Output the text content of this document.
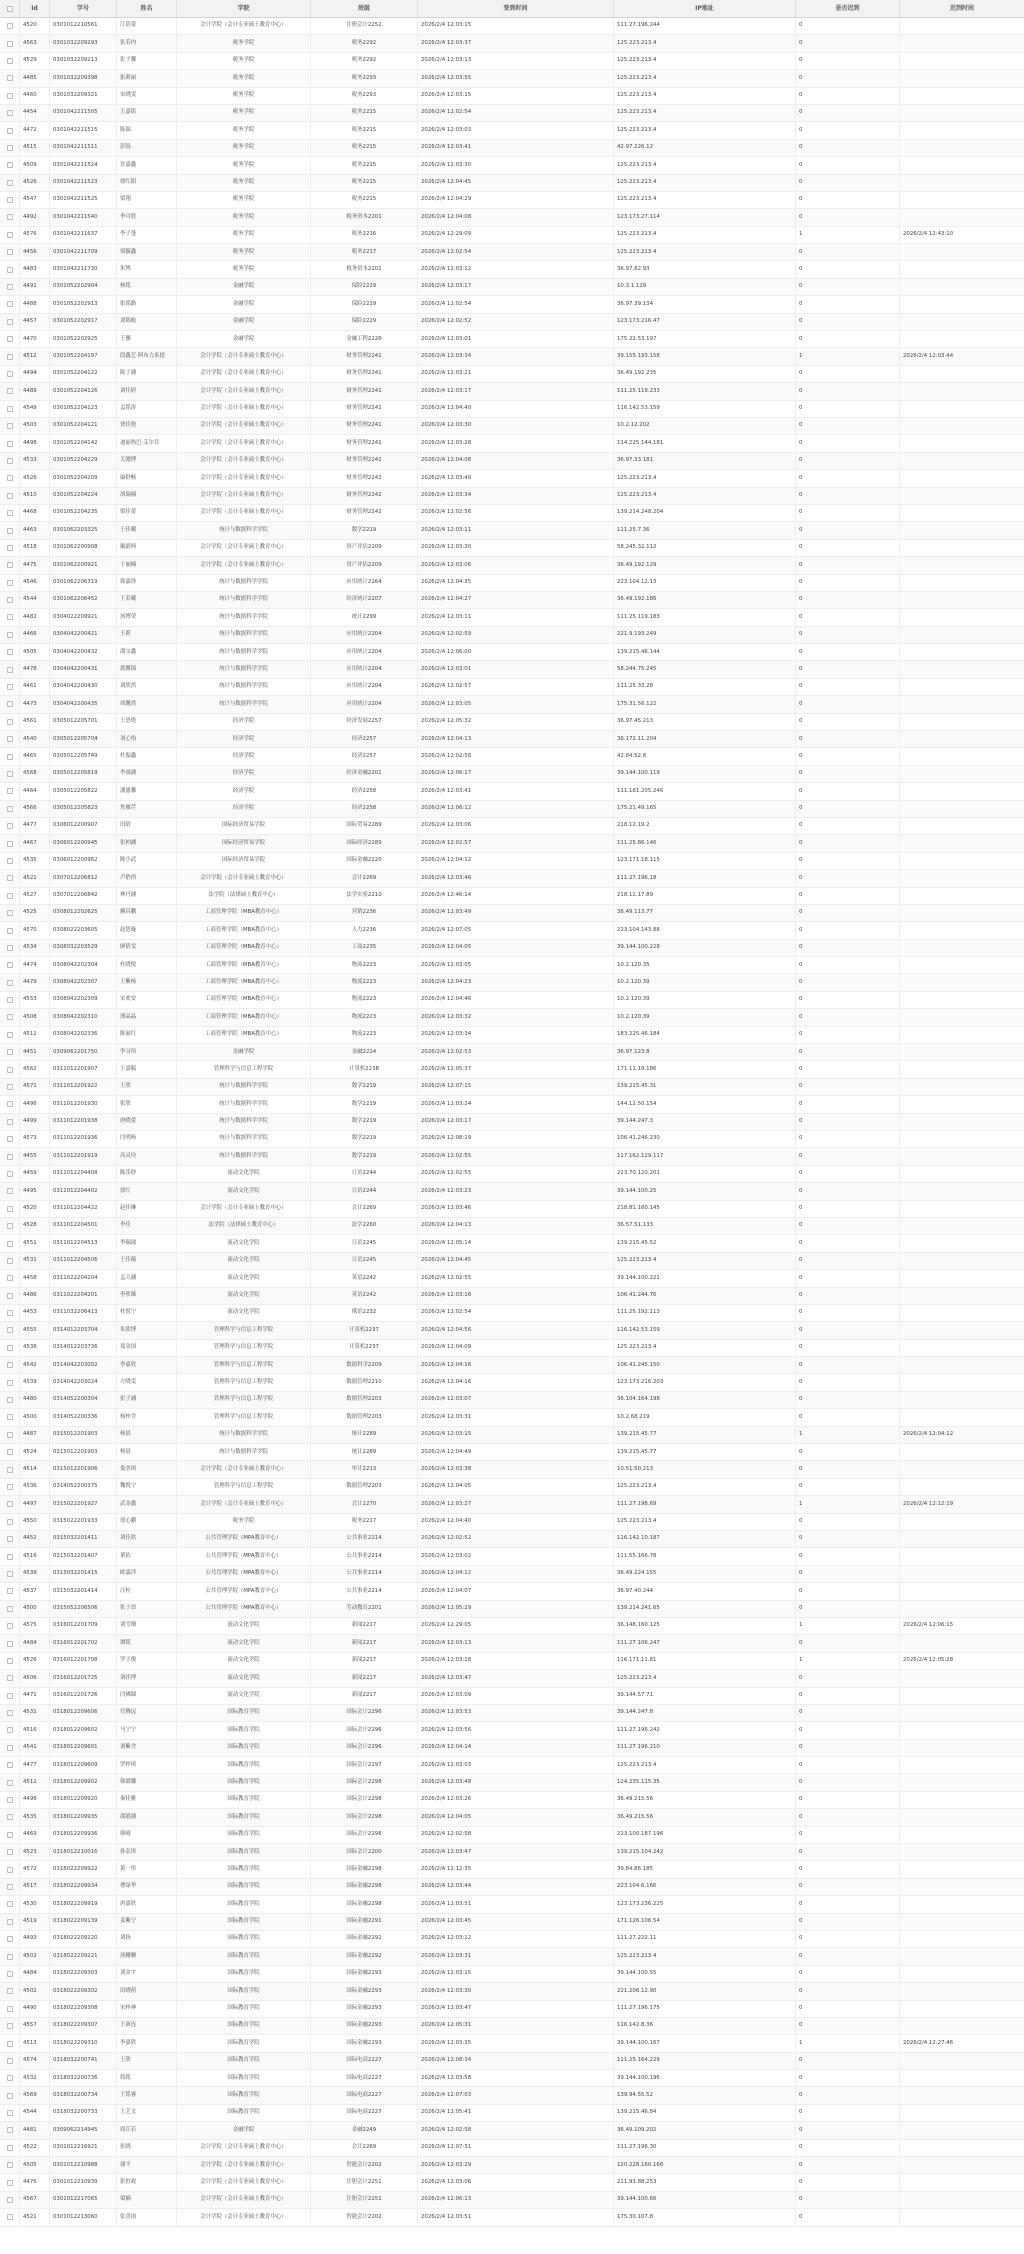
Id	学号	姓名	学院	班级	签到时间	IP地址	是否迟到	迟到时间
4520	0301012210561	江蓓蕾	会计学院（会计专业硕士教育中心）	注册会计2252	2026/2/4 12:03:15	111.27.196.244	0
4563	0301032209293	张若内	税务学院	税务2292	2026/2/4 12:03:37	125.223.213.4	0
4529	0301032209213	张子馨	税务学院	税务2292	2026/2/4 12:03:13	125.223.213.4	0
4485	0301032209398	张莉丽	税务学院	税务2293	2026/2/4 12:03:55	125.223.213.4	0
4460	0301032209321	宋晓雯	税务学院	税务2293	2026/2/4 12:03:15	125.223.213.4	0
4454	0301042211505	王嘉铭	税务学院	税务2215	2026/2/4 12:02:54	125.223.213.4	0
4472	0301042211515	陈瑞	税务学院	税务2215	2026/2/4 12:03:03	125.223.213.4	0
4515	0301042211511	彭铄	税务学院	税务2215	2026/2/4 12:03:41	42.97.226.12	0
4509	0301042211524	许嘉鑫	税务学院	税务2215	2026/2/4 12:03:30	125.223.213.4	0
4526	0301042211523	徐红阳	税务学院	税务2215	2026/2/4 12:04:45	125.223.213.4	0
4547	0301042211525	梁翔	税务学院	税务2215	2026/2/4 12:04:29	125.223.213.4	0
4492	0301042211540	李可欣	税务学院	税务资本2201	2026/2/4 12:04:08	123.173.27.114	0
4576	0301042211637	李子蓬	税务学院	税务2216	2026/2/4 12:29:09	125.223.213.4	1	2026/2/4 12:43:10
4456	0301042211709	梁毓鑫	税务学院	税务2217	2026/2/4 12:02:54	125.223.213.4	0
4483	0301042211730	朱博	税务学院	税务资本2201	2026/2/4 12:03:12	36.97.82.93	0
4491	0301052202904	杨铭	金融学院	保险2229	2026/2/4 12:03:17	10.3.1.129	0
4488	0301052202913	张铭路	金融学院	保险2229	2026/2/4 12:02:54	36.97.39.134	0
4457	0301052202917	刘锦航	金融学院	保险2229	2026/2/4 12:02:52	123.173.216.47	0
4470	0301052202925	王馨	金融学院	金融工程2226	2026/2/4 12:03:01	175.22.53.197	0
4512	0301052204197	段鑫艺·阿布力米提	会计学院（会计专业硕士教育中心）	财务管理2241	2026/2/4 12:03:34	39.155.193.158	1	2026/2/4 12:03:44
4494	0301052204122	陈子涵	会计学院（会计专业硕士教育中心）	财务管理2241	2026/2/4 12:03:21	36.49.192.235	0
4489	0301052204126	刘佳婷	会计学院（会计专业硕士教育中心）	财务管理2241	2026/2/4 12:03:17	111.25.119.233	0
4549	0301052204123	孟铭涛	会计学院（会计专业硕士教育中心）	财务管理2241	2026/2/4 12:04:40	116.142.53.159	0
4503	0301052204121	贾佳艳	会计学院（会计专业硕士教育中心）	财务管理2241	2026/2/4 12:03:30	10.2.12.202	0
4498	0301052204142	迪丽热巴·艾尔肯	会计学院（会计专业硕士教育中心）	财务管理2241	2026/2/4 12:03:28	114.225.144.181	0
4533	0301052204229	关懿博	会计学院（会计专业硕士教育中心）	财务管理2242	2026/2/4 12:04:08	36.97.33.181	0
4526	0301052204209	康舒畅	会计学院（会计专业硕士教育中心）	财务管理2242	2026/2/4 12:03:40	125.223.213.4	0
4510	0301052204224	胡瑞楠	会计学院（会计专业硕士教育中心）	财务管理2242	2026/2/4 12:03:34	125.223.213.4	0
4468	0301052204235	梁佳蕾	会计学院（会计专业硕士教育中心）	财务管理2242	2026/2/4 12:02:56	139.214.248.204	0
4463	0301062203325	王佳曦	统计与数据科学学院	数学2219	2026/2/4 12:03:11	111.25.7.36	0
4518	0301062200908	戴婧柯	会计学院（会计专业硕士教育中心）	资产评估2209	2026/2/4 12:03:30	58.245.32.112	0
4475	0301062200921	于丽楠	会计学院（会计专业硕士教育中心）	资产评估2209	2026/2/4 12:03:06	36.49.192.129	0
4546	0301062206319	韩嘉泽	统计与数据科学学院	应用统计2264	2026/2/4 12:04:35	223.104.12.13	0
4544	0301062206452	王若曦	统计与数据科学学院	经济统计2207	2026/2/4 12:04:27	36.49.192.186	0
4482	0304022209921	汤博荣	统计与数据科学学院	统计2299	2026/2/4 12:03:11	111.25.119.183	0
4466	0304042200421	王莉	统计与数据科学学院	应用统计2204	2026/2/4 12:02:59	221.9.193.249	0
4505	0304042200432	邵宝鑫	统计与数据科学学院	应用统计2204	2026/2/4 12:06:00	139.215.46.144	0
4478	0304042200431	郭馨锦	统计与数据科学学院	应用统计2204	2026/2/4 12:03:01	58.244.75.245	0
4461	0304042200430	刘欣然	统计与数据科学学院	应用统计2204	2026/2/4 12:02:57	111.25.33.28	0
4473	0304042200435	周馨然	统计与数据科学学院	应用统计2204	2026/2/4 12:03:05	175.31.56.122	0
4561	0305012205701	王思艳	经济学院	经济发展2257	2026/2/4 12:05:32	36.97.45.213	0
4540	0305012205704	刘心怡	经济学院	经济2257	2026/2/4 12:04:13	36.172.11.204	0
4465	0305012205749	杜振鑫	经济学院	经济2257	2026/2/4 12:02:58	42.84.52.8	0
4568	0305012205819	李雨涵	经济学院	经济金融2201	2026/2/4 12:06:17	39.144.100.119	0
4464	0305012205822	潘惠馨	经济学院	经济2258	2026/2/4 12:03:41	111.181.205.246	0
4566	0305012205823	焦雁芹	经济学院	经济2258	2026/2/4 12:06:12	175.21.49.165	0
4477	0306012200907	田晗	国际经济贸易学院	国际贸易2289	2026/2/4 12:03:06	218.12.19.2	0
4467	0306012200945	张柏涵	国际经济贸易学院	国际经济2289	2026/2/4 12:02:57	111.25.86.146	0
4535	0306012200962	陈小武	国际经济贸易学院	国际金融2220	2026/2/4 12:04:12	123.171.18.115	0
4521	0307012206812	卢俏俏	会计学院（会计专业硕士教育中心）	会计2269	2026/2/4 12:03:46	111.27.196.18	0
4527	0307012206842	林丹涵	法学院（法律硕士教育中心）	法学实验2210	2026/2/4 12:46:14	218.12.17.89	0
4525	0308012202625	赖昌鹏	工商管理学院（MBA教育中心）	营销2236	2026/2/4 12:03:49	36.49.113.77	0
4570	0308022203605	赵思璇	工商管理学院（MBA教育中心）	人力2236	2026/2/4 12:07:05	223.104.143.88	0
4534	0308032203529	廖倩雯	工商管理学院（MBA教育中心）	工商2235	2026/2/4 12:04:05	39.144.100.228	0
4474	0308042202304	杜晓悦	工商管理学院（MBA教育中心）	物流2223	2026/2/4 12:03:05	10.2.120.35	0
4479	0308042202307	王紫杨	工商管理学院（MBA教育中心）	物流2223	2026/2/4 12:04:23	10.2.120.39	0
4553	0308042202309	宋欢安	工商管理学院（MBA教育中心）	物流2223	2026/2/4 12:04:46	10.2.120.39	0
4508	0308042202310	薄晶晶	工商管理学院（MBA教育中心）	物流2223	2026/2/4 12:03:32	10.2.120.39	0
4511	0308042202336	陈丽红	工商管理学院（MBA教育中心）	物流2223	2026/2/4 12:03:34	183.225.46.184	0
4451	0309062201750	李习伟	金融学院	金融2224	2026/2/4 12:02:53	36.97.123.8	0
4562	0311012201907	王嘉毓	管理科学与信息工程学院	计算机2238	2026/2/4 12:05:37	171.11.19.186	0
4571	0311012201922	王欣	统计与数据科学学院	数学2219	2026/2/4 12:07:15	139.215.45.31	0
4496	0311012201930	张欣	统计与数据科学学院	数学2219	2026/2/4 12:03:24	144.12.50.154	0
4499	0311012201938	唐晓蕾	统计与数据科学学院	数学2219	2026/2/4 12:03:17	39.144.247.3	0
4573	0311012201936	闫明杨	统计与数据科学学院	数学2219	2026/2/4 12:08:19	106.41.246.230	0
4455	0311012201919	高灵玲	统计与数据科学学院	数学2219	2026/2/4 12:02:55	117.162.129.117	0
4459	0311012204408	陈乐纱	流动文化学院	日语2244	2026/2/4 12:02:55	223.70.120.201	0
4495	0311012204402	徐红	流动文化学院	日语2244	2026/2/4 12:03:23	39.144.100.25	0
4520	0311012204422	赵佳琳	会计学院（会计专业硕士教育中心）	会计2269	2026/2/4 12:03:46	218.81.160.145	0
4528	0311012204501	李佳	法学院（法律硕士教育中心）	法学2260	2026/2/4 12:04:13	36.57.51.133	0
4551	0311012204513	李瑞瑜	流动文化学院	日语2245	2026/2/4 12:05:14	139.215.45.52	0
4531	0311012204506	王佳薇	流动文化学院	日语2245	2026/2/4 12:04:45	125.223.213.4	0
4458	0311022204204	孟天涵	流动文化学院	英语2242	2026/2/4 12:02:55	39.144.100.221	0
4486	0311022204201	李欣臻	流动文化学院	英语2242	2026/2/4 12:03:16	106.41.244.76	0
4453	0311032206413	杜锐宁	流动文化学院	俄语2232	2026/2/4 12:02:54	111.25.192.113	0
4555	0314012203704	朱欣博	管理科学与信息工程学院	计算机2237	2026/2/4 12:04:56	116.142.53.159	0
4538	0314012203736	郑金国	管理科学与信息工程学院	计算机2237	2026/2/4 12:04:09	125.223.213.4	0
4542	0314042203002	李嘉欣	管理科学与信息工程学院	数据科学2209	2026/2/4 12:04:16	106.41.245.150	0
4539	0314042203024	方晓雯	管理科学与信息工程学院	数据管理2210	2026/2/4 12:04:16	123.173.216.203	0
4480	0314052200304	张子涵	管理科学与信息工程学院	数据管理2203	2026/2/4 12:03:07	36.104.164.198	0
4500	0314052200336	杨梓含	管理科学与信息工程学院	数据管理2203	2026/2/4 12:03:31	10.2.68.219	0
4487	0315012201903	杨晨	统计与数据科学学院	统计2289	2026/2/4 12:03:15	139.215.45.77	1	2026/2/4 12:04:12
4524	0315012201903	杨晨	统计与数据科学学院	统计2289	2026/2/4 12:04:49	139.215.45.77	0
4514	0315012201906	娄美琪	会计学院（会计专业硕士教育中心）	审计2213	2026/2/4 12:03:38	10.51.50.213	0
4536	0314052200375	魏悦宁	管理科学与信息工程学院	数据管理2203	2026/2/4 12:04:05	125.223.213.4	0
4497	0315022201927	武金鑫	会计学院（会计专业硕士教育中心）	会计2270	2026/2/4 12:03:27	111.27.198.69	1	2026/2/4 12:12:19
4550	0315022201933	徐心鹏	税务学院	税务2217	2026/2/4 12:04:40	125.223.213.4	0
4452	0315032201411	刘佳欣	公共管理学院（MPA教育中心）	公共事业2214	2026/2/4 12:02:52	116.142.10.187	0
4516	0315032201407	董佑	公共管理学院（MPA教育中心）	公共事业2214	2026/2/4 12:03:02	111.55.166.78	0
4539	0315032201415	欧嘉洋	公共管理学院（MPA教育中心）	公共事业2214	2026/2/4 12:04:12	36.49.224.155	0
4537	0315032201414	汪柱	公共管理学院（MPA教育中心）	公共事业2214	2026/2/4 12:04:07	36.97.40.244	0
4500	0315052206506	张子昂	公共管理学院（MPA教育中心）	劳动教育2201	2026/2/4 12:05:29	139.214.241.65	0
4575	0316012201709	刘雪珊	流动文化学院	新闻2217	2026/2/4 12:29:05	36.148.160.125	1	2026/2/4 12:06:15
4484	0316012201702	谭铭	流动文化学院	新闻2217	2026/2/4 12:03:13	111.27.106.247	0
4526	0316012201708	罗子俊	流动文化学院	新闻2217	2026/2/4 12:03:18	116.171.11.81	1	2026/2/4 12:05:28
4506	0316012201725	刘佳博	流动文化学院	新闻2217	2026/2/4 12:03:47	125.223.213.4	0
4471	0316012201726	闫佛圆	流动文化学院	新闻2217	2026/2/4 12:03:09	39.144.57.71	0
4531	0318012209606	任腾远	国际教育学院	国际会计2296	2026/2/4 12:03:53	39.144.247.8	0
4516	0318012209602	马宁宁	国际教育学院	国际会计2296	2026/2/4 12:03:56	111.27.196.242	0
4541	0318012209601	刘紫含	国际教育学院	国际会计2296	2026/2/4 12:04:14	111.27.196.210	0
4477	0318012209609	罗梓琪	国际教育学院	国际会计2297	2026/2/4 12:03:03	125.223.213.4	0
4512	0318012209902	韩婧娜	国际教育学院	国际会计2298	2026/2/4 12:03:48	124.235.115.35	0
4498	0318012209920	秦佳雅	国际教育学院	国际会计2298	2026/2/4 12:03:26	36.49.215.56	0
4535	0318012209935	邵婧涵	国际教育学院	国际会计2298	2026/2/4 12:04:05	36.49.215.56	0
4469	0318012209936	韩晴	国际教育学院	国际会计2298	2026/2/4 12:02:58	223.100.187.196	0
4523	0318012210016	孙弘彤	国际教育学院	国际会计2200	2026/2/4 12:03:47	139.215.104.242	0
4572	0318022209922	黄一彤	国际教育学院	国际金融2298	2026/2/4 12:12:35	39.84.86.185	0
4517	0318022209934	曹绿华	国际教育学院	国际金融2298	2026/2/4 12:03:44	223.104.6.166	0
4530	0318022209919	唐嘉欣	国际教育学院	国际金融2298	2026/2/4 12:03:51	123.173.236.225	0
4519	0318022209139	姜紫宁	国际教育学院	国际金融2291	2026/2/4 12:03:45	171.126.106.54	0
4493	0318022209220	刘扬	国际教育学院	国际金融2292	2026/2/4 12:03:12	111.27.222.11	0
4502	0318022209221	汤姗姗	国际教育学院	国际金融2292	2026/2/4 12:03:31	125.223.213.4	0
4484	0318022209303	刘金宇	国际教育学院	国际金融2293	2026/2/4 12:03:15	39.144.100.55	0
4502	0318022209302	田晓萌	国际教育学院	国际金融2293	2026/2/4 12:03:30	221.206.12.90	0
4490	0318022209308	宋梓神	国际教育学院	国际金融2293	2026/2/4 12:03:47	111.27.196.175	0
4557	0318022209307	王新连	国际教育学院	国际金融2293	2026/2/4 12:05:31	116.142.8.36	0
4513	0318022209310	李嘉欣	国际教育学院	国际金融2293	2026/2/4 12:03:35	39.144.100.167	1	2026/2/4 12:27:46
4574	0318032200741	王欣	国际教育学院	国际电商2227	2026/2/4 12:08:34	111.25.164.229	0
4532	0318032200736	简铭	国际教育学院	国际电商2227	2026/2/4 12:03:58	39.144.100.196	0
4569	0318032200734	王铭睿	国际教育学院	国际电商2227	2026/2/4 12:07:03	139.94.55.52	0
4544	0318032200733	王艺文	国际教育学院	国际电商2227	2026/2/4 12:05:41	139.215.46.84	0
4481	0309062214945	周芷若	金融学院	金融2249	2026/2/4 12:02:58	36.49.109.202	0
4522	0301012216921	张晓	会计学院（会计专业硕士教育中心）	会计2269	2026/2/4 12:07:31	111.27.196.30	0
4505	0301012210988	谢平	会计学院（会计专业硕士教育中心）	智能会计2202	2026/2/4 12:03:29	120.228.160.166	0
4476	0301012210939	张恒政	会计学院（会计专业硕士教育中心）	注册会计2251	2026/2/4 12:03:06	211.93.88.253	0
4567	0301012217065	梁楠	会计学院（会计专业硕士教育中心）	注册会计2251	2026/2/4 12:06:13	39.144.100.66	0
4521	0301012213060	张喜雨	会计学院（会计专业硕士教育中心）	智能会计2202	2026/2/4 12:03:51	175.30.107.8	0
